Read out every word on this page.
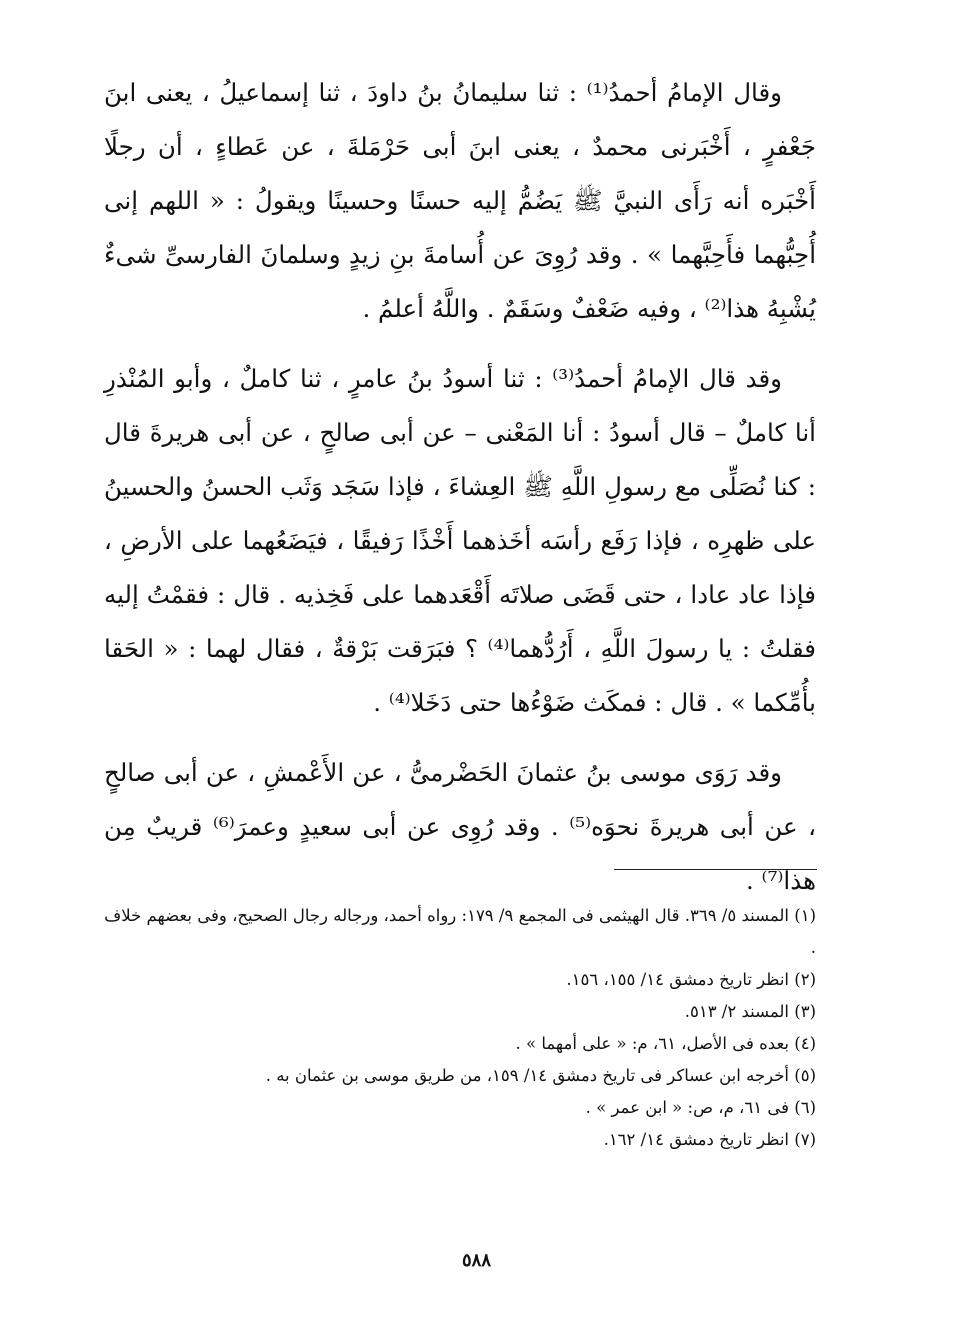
وقال الإمامُ أحمدُ⁽¹⁾ : ثنا سليمانُ بنُ داودَ ، ثنا إسماعيلُ ، يعنى ابنَ جَعْفرٍ ، أَخْبَرنى محمدٌ ، يعنى ابنَ أبى حَرْمَلةَ ، عن عَطاءٍ ، أن رجلًا أَخْبَره أنه رَأَى النبيَّ ﷺ يَضُمُّ إليه حسنًا وحسينًا ويقولُ : « اللهم إنى أُحِبُّهما فأَحِبَّهما » . وقد رُوِىَ عن أُسامةَ بنِ زيدٍ وسلمانَ الفارسىِّ شىءٌ يُشْبِهُ هذا⁽²⁾ ، وفيه ضَعْفٌ وسَقَمٌ . واللَّهُ أعلمُ .

وقد قال الإمامُ أحمدُ⁽³⁾ : ثنا أسودُ بنُ عامرٍ ، ثنا كاملٌ ، وأبو المُنْذرِ أنا كاملٌ – قال أسودُ : أنا المَعْنى – عن أبى صالحٍ ، عن أبى هريرةَ قال : كنا نُصَلِّى مع رسولِ اللَّهِ ﷺ العِشاءَ ، فإذا سَجَد وَثَب الحسنُ والحسينُ على ظهرِه ، فإذا رَفَع رأسَه أخَذهما أَخْذًا رَفيقًا ، فيَضَعُهما على الأرضِ ، فإذا عاد عادا ، حتى قَضَى صلاتَه أَقْعَدهما على فَخِذيه . قال : فقمْتُ إليه فقلتُ : يا رسولَ اللَّهِ ، أَرُدُّهما⁽⁴⁾ ؟ فبَرَقت بَرْقةٌ ، فقال لهما : « الحَقا بأُمِّكما » . قال : فمكَث ضَوْءُها حتى دَخَلا⁽⁴⁾ .

وقد رَوَى موسى بنُ عثمانَ الحَضْرمىُّ ، عن الأَعْمشِ ، عن أبى صالحٍ ، عن أبى هريرةَ نحوَه⁽⁵⁾ . وقد رُوِى عن أبى سعيدٍ وعمرَ⁽⁶⁾ قريبٌ مِن هذا⁽⁷⁾ .

(١) المسند ٥/ ٣٦٩. قال الهيثمى فى المجمع ٩/ ١٧٩: رواه أحمد، ورجاله رجال الصحيح، وفى بعضهم خلاف .

(٢) انظر تاريخ دمشق ١٤/ ١٥٥، ١٥٦.

(٣) المسند ٢/ ٥١٣.

(٤) بعده فى الأصل، ٦١، م: « على أمهما » .

(٥) أخرجه ابن عساكر فى تاريخ دمشق ١٤/ ١٥٩، من طريق موسى بن عثمان به .

(٦) فى ٦١، م، ص: « ابن عمر » .

(٧) انظر تاريخ دمشق ١٤/ ١٦٢.

٥٨٨
